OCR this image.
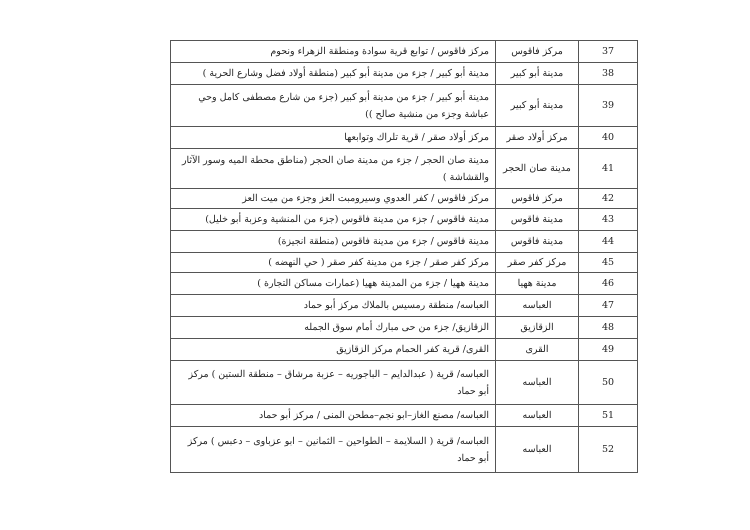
مركز فاقوس / توابع قرية سوادة ومنطقة الزهراء ونحوم	مركز فاقوس	37
مدينة أبو كبير / جزء من مدينة أبو كبير (منطقة أولاد فضل وشارع الحرية )	مدينة أبو كبير	38
مدينة أبو كبير / جزء من مدينة أبو كبير (جزء من شارع مصطفى كامل وحي عباشة وجزء من منشية صالح ))	مدينة أبو كبير	39
مركز أولاد صقر / قرية تلراك وتوابعها	مركز أولاد صقر	40
مدينة صان الحجر / جزء من مدينة صان الحجر (مناطق محطة الميه وسور الآثار والقشاشة )	مدينة صان الحجر	41
مركز فاقوس / كفر العدوي وسيرومبت العز وجزء من ميت العز	مركز فاقوس	42
مدينة فاقوس / جزء من مدينة فاقوس (جزء من المنشية وعزبة أبو خليل)	مدينة فاقوس	43
مدينة فاقوس / جزء من مدينة فاقوس (منطقة انجيزة)	مدينة فاقوس	44
مركز كفر صقر / جزء من مدينة كفر صقر ( حي النهضه )	مركز كفر صقر	45
مدينة ههيا / جزء من المدينة ههيا (عمارات مساكن التجارة )	مدينة ههيا	46
العباسه/ منطقة رمسيس بالملاك مركز أبو حماد	العباسه	47
الزقازيق/ جزء من حى مبارك أمام سوق الجمله	الزقازيق	48
القرى/ قرية كفر الحمام مركز الزقازيق	القرى	49
العباسه/ قرية ( عبدالدايم – الباجوريه – عزبة مرشاق – منطقة الستين ) مركز أبو حماد	العباسه	50
العباسه/ مصنع الغاز–ابو نجم–مطحن المنى / مركز أبو حماد	العباسه	51
العباسه/ قرية ( السلايمة – الطواحين – الثمانين – ابو عزباوى – دعبس ) مركز أبو حماد	العباسه	52
